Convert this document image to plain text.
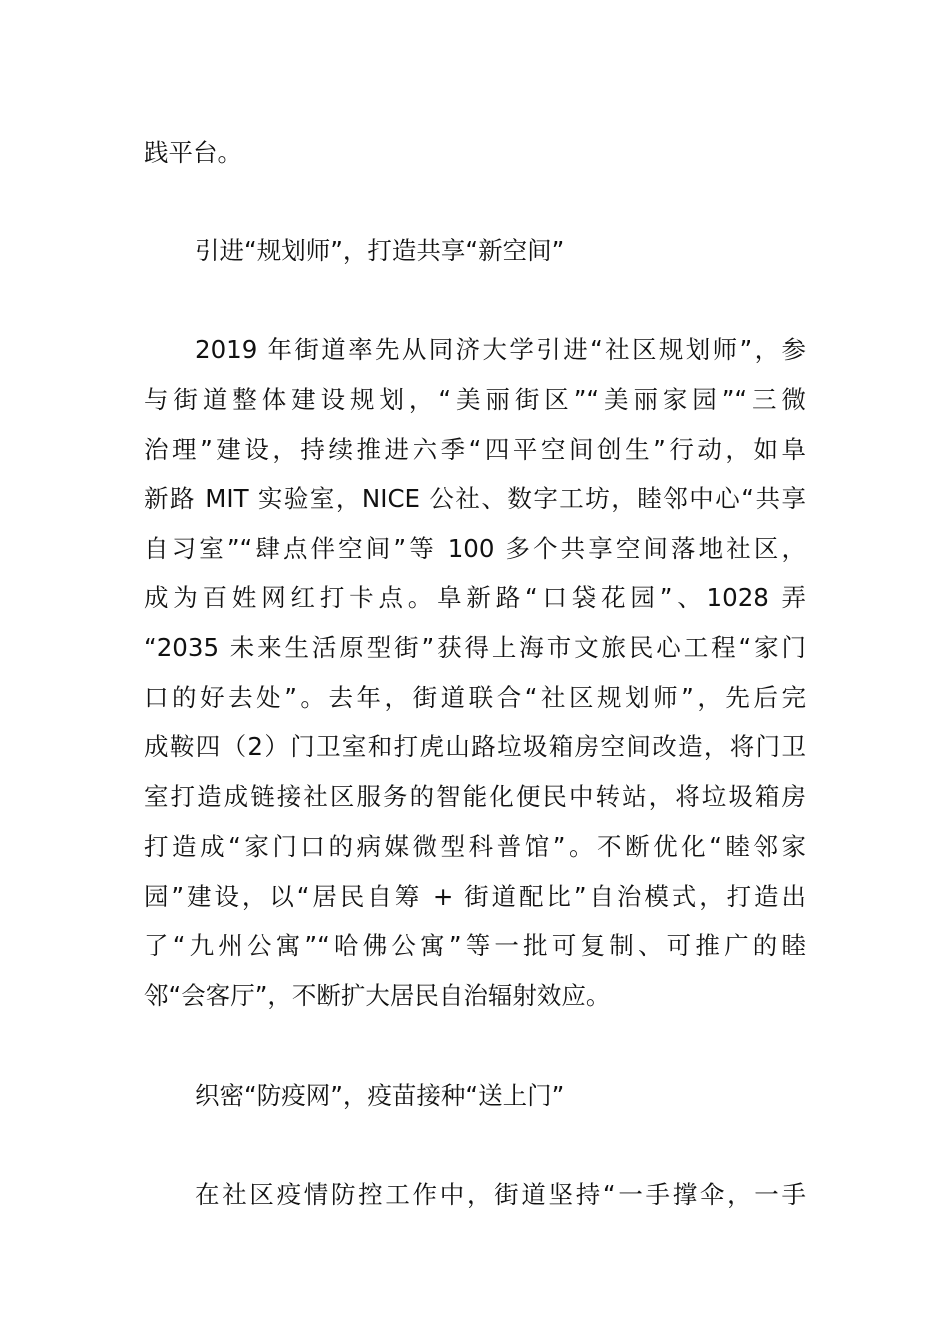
践平台。
引进“规划师”，打造共享“新空间”
2019 年街道率先从同济大学引进“社区规划师”，参
与街道整体建设规划，“美丽街区”“美丽家园”“三微
治理”建设，持续推进六季“四平空间创生”行动，如阜
新路 MIT 实验室，NICE 公社、数字工坊，睦邻中心“共享
自习室”“肆点伴空间”等 100 多个共享空间落地社区，
成为百姓网红打卡点。阜新路“口袋花园”、1028 弄
“2035 未来生活原型街”获得上海市文旅民心工程“家门
口的好去处”。去年，街道联合“社区规划师”，先后完
成鞍四（2）门卫室和打虎山路垃圾箱房空间改造，将门卫
室打造成链接社区服务的智能化便民中转站，将垃圾箱房
打造成“家门口的病媒微型科普馆”。不断优化“睦邻家
园”建设，以“居民自筹 + 街道配比”自治模式，打造出
了“九州公寓”“哈佛公寓”等一批可复制、可推广的睦
邻“会客厅”，不断扩大居民自治辐射效应。
织密“防疫网”，疫苗接种“送上门”
在社区疫情防控工作中，街道坚持“一手撑伞，一手
